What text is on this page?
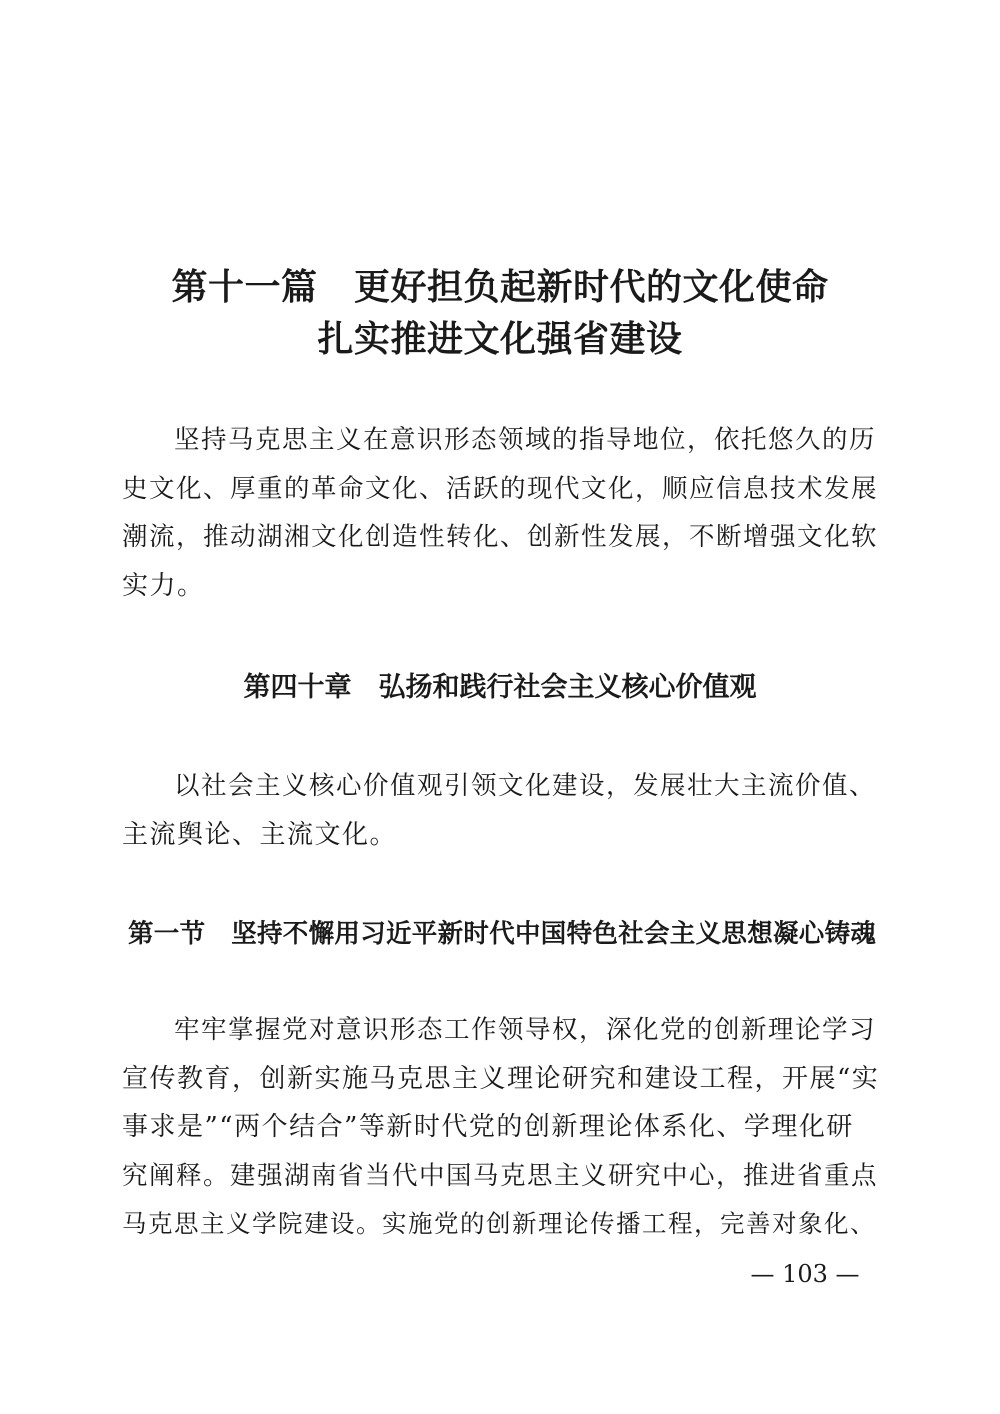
第十一篇　更好担负起新时代的文化使命
扎实推进文化强省建设
坚持马克思主义在意识形态领域的指导地位，依托悠久的历
史文化、厚重的革命文化、活跃的现代文化，顺应信息技术发展
潮流，推动湖湘文化创造性转化、创新性发展，不断增强文化软
实力。
第四十章　弘扬和践行社会主义核心价值观
以社会主义核心价值观引领文化建设，发展壮大主流价值、
主流舆论、主流文化。
第一节　坚持不懈用习近平新时代中国特色社会主义思想凝心铸魂
牢牢掌握党对意识形态工作领导权，深化党的创新理论学习
宣传教育，创新实施马克思主义理论研究和建设工程，开展“实
事求是”“两个结合”等新时代党的创新理论体系化、学理化研
究阐释。建强湖南省当代中国马克思主义研究中心，推进省重点
马克思主义学院建设。实施党的创新理论传播工程，完善对象化、
— 103 —
